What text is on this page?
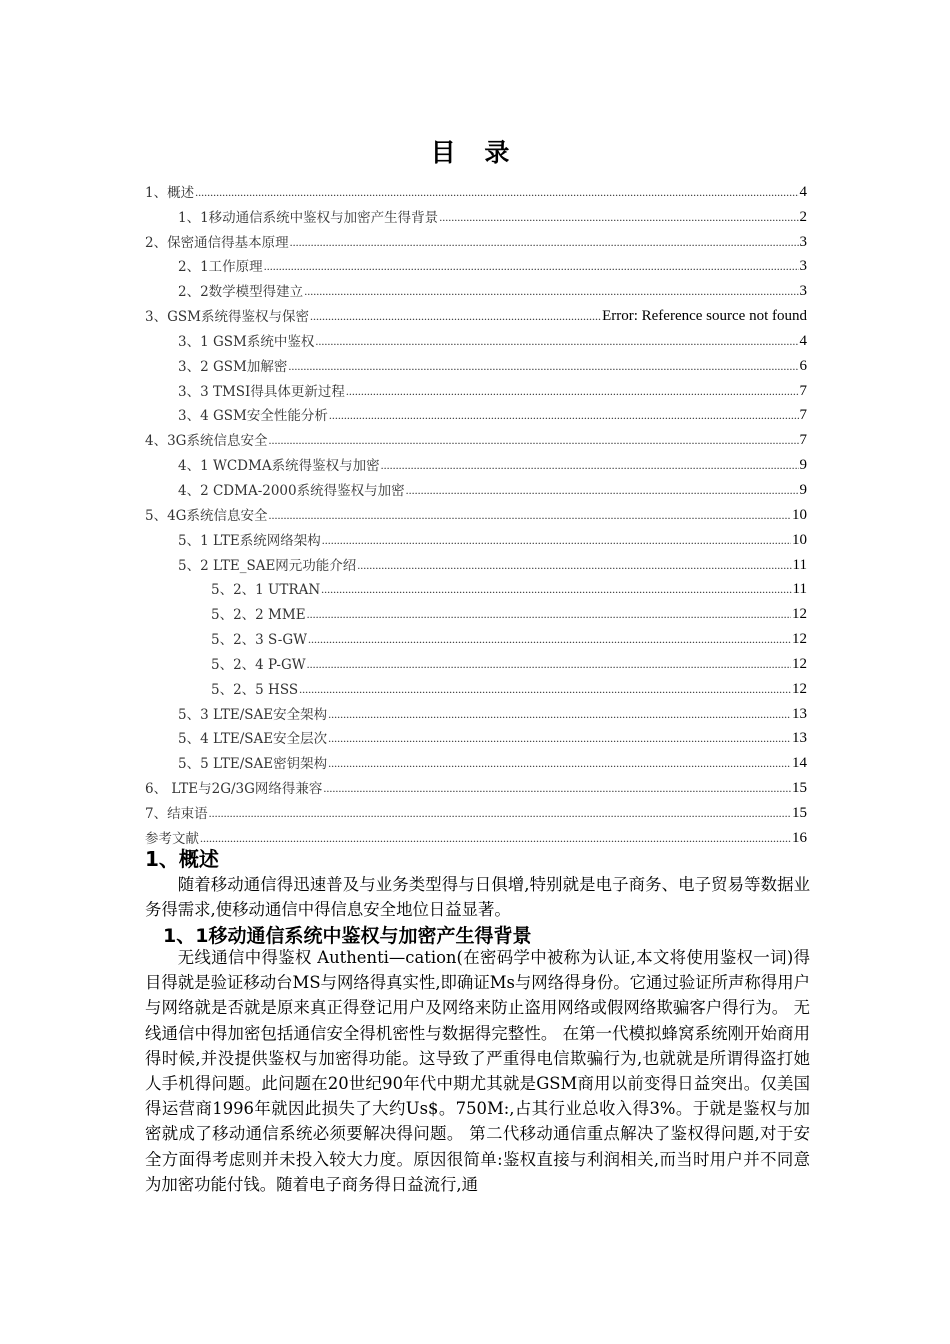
目 录
1、概述 .....	4
1、1移动通信系统中鉴权与加密产生得背景 .....	2
2、保密通信得基本原理 .....	3
2、1工作原理 .....	3
2、2数学模型得建立 .....	3
3、GSM系统得鉴权与保密 .....	Error: Reference source not found
3、1 GSM系统中鉴权 .....	4
3、2 GSM加解密 .....	6
3、3 TMSI得具体更新过程 .....	7
3、4 GSM安全性能分析 .....	7
4、3G系统信息安全 .....	7
4、1 WCDMA系统得鉴权与加密 .....	9
4、2 CDMA-2000系统得鉴权与加密 .....	9
5、4G系统信息安全 .....	10
5、1 LTE系统网络架构 .....	10
5、2 LTE_SAE网元功能介绍 .....	11
5、2、1 UTRAN .....	11
5、2、2 MME .....	12
5、2、3 S-GW .....	12
5、2、4 P-GW .....	12
5、2、5 HSS .....	12
5、3 LTE/SAE安全架构 .....	13
5、4 LTE/SAE安全层次 .....	13
5、5 LTE/SAE密钥架构 .....	14
6、 LTE与2G/3G网络得兼容 .....	15
7、结束语 .....	15
参考文献 .....	16
1、概述
随着移动通信得迅速普及与业务类型得与日俱增,特别就是电子商务、电子贸易等数据业务得需求,使移动通信中得信息安全地位日益显著。
1、1移动通信系统中鉴权与加密产生得背景
无线通信中得鉴权 Authenti—cation(在密码学中被称为认证,本文将使用鉴权一词)得目得就是验证移动台MS与网络得真实性,即确证Ms与网络得身份。它通过验证所声称得用户与网络就是否就是原来真正得登记用户及网络来防止盗用网络或假网络欺骗客户得行为。 无线通信中得加密包括通信安全得机密性与数据得完整性。 在第一代模拟蜂窝系统刚开始商用得时候,并没提供鉴权与加密得功能。这导致了严重得电信欺骗行为,也就就是所谓得盗打她人手机得问题。此问题在20世纪90年代中期尤其就是GSM商用以前变得日益突出。仅美国得运营商1996年就因此损失了大约Us$。750M:,占其行业总收入得3%。于就是鉴权与加密就成了移动通信系统必须要解决得问题。 第二代移动通信重点解决了鉴权得问题,对于安全方面得考虑则并未投入较大力度。原因很简单:鉴权直接与利润相关,而当时用户并不同意为加密功能付钱。随着电子商务得日益流行,通
